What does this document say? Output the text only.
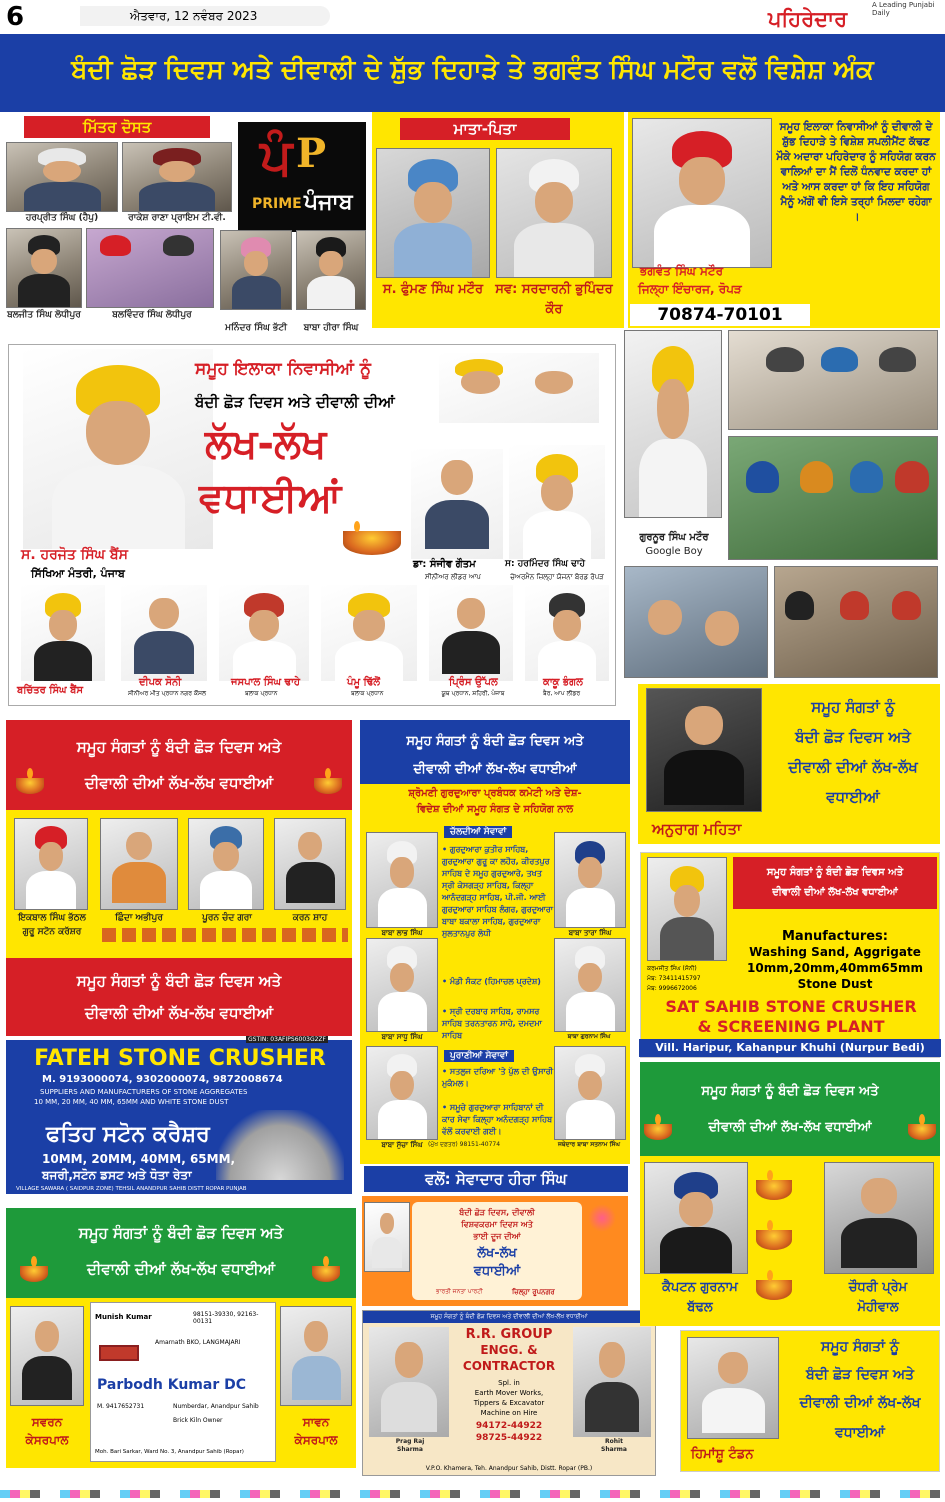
6	ਐਤਵਾਰ, 12 ਨਵੰਬਰ 2023
A Leading Punjabi Daily
ਪਹਿਰੇਦਾਰ
ਬੰਦੀ ਛੋੜ ਦਿਵਸ ਅਤੇ ਦੀਵਾਲੀ ਦੇ ਸ਼ੁੱਭ ਦਿਹਾੜੇ ਤੇ ਭਗਵੰਤ ਸਿੰਘ ਮਟੌਰ ਵਲੋਂ ਵਿਸ਼ੇਸ਼ ਅੰਕ
ਮਿੱਤਰ ਦੋਸਤ
ਹਰਪ੍ਰੀਤ ਸਿੰਘ (ਹੈਪੁ)	ਰਾਕੇਸ਼ ਰਾਣਾ ਪ੍ਰਾਇਮ ਟੀ.ਵੀ.
ਪੰ P
PRIME ਪੰਜਾਬ
ਬਲਜੀਤ ਸਿੰਘ ਲੋਧੀਪੁਰ	ਬਲਵਿੰਦਰ ਸਿੰਘ ਲੋਧੀਪੁਰ
ਮਨਿੰਦਰ ਸਿੰਘ ਭੱਟੀ	ਬਾਬਾ ਹੀਰਾ ਸਿੰਘ
ਮਾਤਾ-ਪਿਤਾ
ਸ. ਫੁੰਮਣ ਸਿੰਘ ਮਟੌਰ ਸਵ: ਸਰਦਾਰਨੀ ਭੁਪਿੰਦਰ ਕੌਰ
ਸਮੂਹ ਇਲਾਕਾ ਨਿਵਾਸੀਆਂ ਨੂੰ ਦੀਵਾਲੀ ਦੇ ਸ਼ੁੱਭ ਦਿਹਾੜੇ ਤੇ ਵਿਸ਼ੇਸ਼ ਸਪਲੀਮੈਂਟ ਕੱਢਣ ਮੌਕੇ ਅਦਾਰਾ ਪਹਿਰੇਦਾਰ ਨੂੰ ਸਹਿਯੋਗ ਕਰਨ ਵਾਲਿਆਂ ਦਾ ਮੈਂ ਦਿਲੋਂ ਧੰਨਵਾਦ ਕਰਦਾ ਹਾਂ ਅਤੇ ਆਸ ਕਰਦਾ ਹਾਂ ਕਿ ਇਹ ਸਹਿਯੋਗ ਮੈਨੂੰ ਅੱਗੋਂ ਵੀ ਇਸੇ ਤਰ੍ਹਾਂ ਮਿਲਦਾ ਰਹੇਗਾ ।
ਭਗਵੰਤ ਸਿੰਘ ਮਟੌਰ
ਜਿਲ੍ਹਾ ਇੰਚਾਰਜ, ਰੋਪੜ
70874-70101
ਸਮੂਹ ਇਲਾਕਾ ਨਿਵਾਸੀਆਂ ਨੂੰ
ਬੰਦੀ ਛੋੜ ਦਿਵਸ ਅਤੇ ਦੀਵਾਲੀ ਦੀਆਂ
ਲੱਖ-ਲੱਖ
ਵਧਾਈਆਂ
ਸ. ਹਰਜੋਤ ਸਿੰਘ ਬੈਂਸ
ਸਿੱਖਿਆ ਮੰਤਰੀ, ਪੰਜਾਬ
ਡਾ: ਸੰਜੀਵ ਗੌਤਮ
ਸੀਨੀਅਰ ਲੀਡਰ ਆਪ
ਸ: ਹਰਮਿੰਦਰ ਸਿੰਘ ਢਾਹੇ
ਚੇਅਰਮੈਨ ਜ਼ਿਲ੍ਹਾ ਯੋਜਨਾ ਬੋਰਡ ਰੋਪੜ
ਬਚਿੱਤਰ ਸਿੰਘ ਬੈਂਸ
ਦੀਪਕ ਸੋਨੀ
ਸੀਨੀਅਰ ਮੀਤ ਪ੍ਰਧਾਨ ਨਗਰ ਕੌਂਸਲ
ਜਸਪਾਲ ਸਿੰਘ ਢਾਹੇ
ਬਲਾਕ ਪ੍ਰਧਾਨ
ਪੰਮੂ ਢਿੱਲੋਂ
ਬਲਾਕ ਪ੍ਰਧਾਨ
ਪ੍ਰਿੰਸ ਉੱਪਲ
ਯੂਥ ਪ੍ਰਧਾਨ, ਸ਼ਹਿਰੀ, ਪੰਜਾਬ
ਕਾਕੂ ਭੰਗਲ
ਬੈਰ, ਆਪ ਲੀਡਰ
ਗੁਰਨੂਰ ਸਿੰਘ ਮਟੌਰ
Google Boy
ਸਮੂਹ ਸੰਗਤਾਂ ਨੂੰ ਬੰਦੀ ਛੋੜ ਦਿਵਸ ਅਤੇ
ਦੀਵਾਲੀ ਦੀਆਂ ਲੱਖ-ਲੱਖ ਵਧਾਈਆਂ
ਇਕਬਾਲ ਸਿੰਘ ਭੱਠਲ
ਗੁਰੂ ਸਟੋਨ ਕਰੱਸ਼ਰ
ਛਿੰਦਾ ਅਭੀਪੁਰ	ਪੂਰਨ ਚੰਦ ਗਰਾ	ਕਰਨ ਸ਼ਾਹ
ਸਮੂਹ ਸੰਗਤਾਂ ਨੂੰ ਬੰਦੀ ਛੋੜ ਦਿਵਸ ਅਤੇ
ਦੀਵਾਲੀ ਦੀਆਂ ਲੱਖ-ਲੱਖ ਵਧਾਈਆਂ
GSTIN: 03AFIPS6003G2ZF
FATEH STONE CRUSHER
M. 9193000074, 9302000074, 9872008674
SUPPLIERS AND MANUFACTURERS OF STONE AGGREGATES
10 MM, 20 MM, 40 MM, 65MM AND WHITE STONE DUST
ਫਤਿਹ ਸਟੋਨ ਕਰੈਸ਼ਰ
10MM, 20MM, 40MM, 65MM,
ਬਜਰੀ,ਸਟੋਨ ਡਸਟ ਅਤੇ ਧੋਤਾ ਰੇਤਾ
VILLAGE SAWARA ( SAIDPUR ZONE) TEHSIL ANANDPUR SAHIB DISTT ROPAR PUNJAB
ਸਮੂਹ ਸੰਗਤਾਂ ਨੂੰ ਬੰਦੀ ਛੋੜ ਦਿਵਸ ਅਤੇ
ਦੀਵਾਲੀ ਦੀਆਂ ਲੱਖ-ਲੱਖ ਵਧਾਈਆਂ
ਸਵਰਨ
ਕੇਸਰਪਾਲ
Munish Kumar	98151-39330, 92163-00131
Amarnath BKO, LANGMAJARI
Parbodh Kumar DC
M. 9417652731	Numberdar, Anandpur Sahib
Brick Kiln Owner
Moh. Bari Sarkar, Ward No. 3, Anandpur Sahib (Ropar)
ਸਾਵਨ
ਕੇਸਰਪਾਲ
ਸਮੂਹ ਸੰਗਤਾਂ ਨੂੰ ਬੰਦੀ ਛੋੜ ਦਿਵਸ ਅਤੇ
ਦੀਵਾਲੀ ਦੀਆਂ ਲੱਖ-ਲੱਖ ਵਧਾਈਆਂ
ਸ਼੍ਰੋਮਣੀ ਗੁਰਦੁਆਰਾ ਪ੍ਰਬੰਧਕ ਕਮੇਟੀ ਅਤੇ ਦੇਸ਼-
ਵਿਦੇਸ਼ ਦੀਆਂ ਸਮੂਹ ਸੰਗਤ ਦੇ ਸਹਿਯੋਗ ਨਾਲ
ਚੱਲਦੀਆਂ ਸੇਵਾਵਾਂ
• ਗੁਰਦੁਆਰਾ ਕੁਤੀਰ ਸਾਹਿਬ, ਗੁਰਦੁਆਰਾ ਗੁਰੂ ਕਾ ਲਹੌਰ, ਕੀਰਤਪੁਰ ਸਾਹਿਬ ਦੇ ਸਮੂਹ ਗੁਰਦੁਆਰੇ, ਤਖਤ ਸ੍ਰੀ ਕੇਸਗੜ੍ਹ ਸਾਹਿਬ, ਕਿਲ੍ਹਾ ਆਨੰਦਗੜ੍ਹ ਸਾਹਿਬ, ਪੀ.ਜੀ. ਆਈ ਗੁਰਦੁਆਰਾ ਸਾਹਿਬ ਲੰਗਰ, ਗੁਰਦੁਆਰਾ ਬਾਬਾ ਬਕਾਲਾ ਸਾਹਿਬ, ਗੁਰਦੁਆਰਾ ਸੁਲਤਾਨਪੁਰ ਲੋਧੀ
• ਮੰਡੀ ਸੰਕਟ (ਹਿਮਾਚਲ ਪ੍ਰਦੇਸ਼)
• ਸ੍ਰੀ ਦਰਬਾਰ ਸਾਹਿਬ, ਰਾਮਸਰ ਸਾਹਿਬ ਤਰਨਤਾਰਨ ਸਾਹੇ, ਦਮਦਮਾ ਸਾਹਿਬ
ਪੁਰਾਣੀਆਂ ਸੇਵਾਵਾਂ
• ਸਤਲੁਜ ਦਰਿਆ 'ਤੇ ਪੁੱਲ ਦੀ ਉਸਾਰੀ ਮੁਕੰਮਲ।
• ਸਮੂਚੇ ਗੁਰਦੁਆਰਾ ਸਾਹਿਬਾਨਾਂ ਦੀ ਕਾਰ ਸੇਵਾ ਕਿਲ੍ਹਾ ਅਨੰਦਗੜ੍ਹ ਸਾਹਿਬ ਵੱਲੋਂ ਕਰਵਾਈ ਗਈ।
ਬਾਬਾ ਲਾਭ ਸਿੰਘ	ਬਾਬਾ ਤਾਰਾ ਸਿੰਘ
ਬਾਬਾ ਸਾਧੂ ਸਿੰਘ	ਬਾਬਾ ਗੁਰਨਾਮ ਸਿੰਘ
ਬਾਬਾ ਸੁੱਚਾ ਸਿੰਘ (ਮੁੱਖ ਦਫ਼ਤਰ) 98151-40774	ਜਥੇਦਾਰ ਬਾਬਾ ਸਤਨਾਮ ਸਿੰਘ
ਵਲੋਂ: ਸੇਵਾਦਾਰ ਹੀਰਾ ਸਿੰਘ
ਬੰਦੀ ਛੋੜ ਦਿਵਸ, ਦੀਵਾਲੀ
ਵਿਸ਼ਵਕਰਮਾ ਦਿਵਸ ਅਤੇ
ਭਾਈ ਦੂਜ ਦੀਆਂ
ਲੱਖ-ਲੱਖ
ਵਧਾਈਆਂ
ਜ਼ਿਲ੍ਹਾ ਰੂਪਨਗਰ
ਭਾਰਤੀ ਜਨਤਾ ਪਾਰਟੀ
ਸਮੂਹ ਸੰਗਤਾਂ ਨੂੰ ਬੰਦੀ ਛੋੜ ਦਿਵਸ ਅਤੇ ਦੀਵਾਲੀ ਦੀਆਂ ਲੱਖ-ਲੱਖ ਵਧਾਈਆਂ
R.R. GROUP
ENGG. &
CONTRACTOR
Spl. in
Earth Mover Works,
Tippers & Excavator
Machine on Hire
94172-44922
98725-44922
Prag Raj
Sharma
Rohit
Sharma
V.P.O. Khamera, Teh. Anandpur Sahib, Distt. Ropar (PB.)
ਅਨੁਰਾਗ ਮਹਿਤਾ
ਸਮੂਹ ਸੰਗਤਾਂ ਨੂੰ
ਬੰਦੀ ਛੋੜ ਦਿਵਸ ਅਤੇ
ਦੀਵਾਲੀ ਦੀਆਂ ਲੱਖ-ਲੱਖ
ਵਧਾਈਆਂ
ਸਮੂਹ ਸੰਗਤਾਂ ਨੂੰ ਬੰਦੀ ਛੋੜ ਦਿਵਸ ਅਤੇ
ਦੀਵਾਲੀ ਦੀਆਂ ਲੱਖ-ਲੱਖ ਵਧਾਈਆਂ
ਕਰਮਜੀਤ ਸਿੰਘ (ਸੋਨੀ)
ਮੋਬ: 73411415797
ਮੋਬ: 9996672006
Manufactures:
Washing Sand, Aggrigate
10mm,20mm,40mm65mm
Stone Dust
SAT SAHIB STONE CRUSHER
& SCREENING PLANT
Vill. Haripur, Kahanpur Khuhi (Nurpur Bedi)
ਸਮੂਹ ਸੰਗਤਾਂ ਨੂੰ ਬੰਦੀ ਛੋੜ ਦਿਵਸ ਅਤੇ
ਦੀਵਾਲੀ ਦੀਆਂ ਲੱਖ-ਲੱਖ ਵਧਾਈਆਂ
ਕੈਪਟਨ ਗੁਰਨਾਮ
ਬੱਢਲ
ਚੌਧਰੀ ਪ੍ਰੇਮ
ਮੋਹੀਵਾਲ
ਹਿਮਾਂਸ਼ੂ ਟੰਡਨ
ਸਮੂਹ ਸੰਗਤਾਂ ਨੂੰ
ਬੰਦੀ ਛੋੜ ਦਿਵਸ ਅਤੇ
ਦੀਵਾਲੀ ਦੀਆਂ ਲੱਖ-ਲੱਖ
ਵਧਾਈਆਂ
